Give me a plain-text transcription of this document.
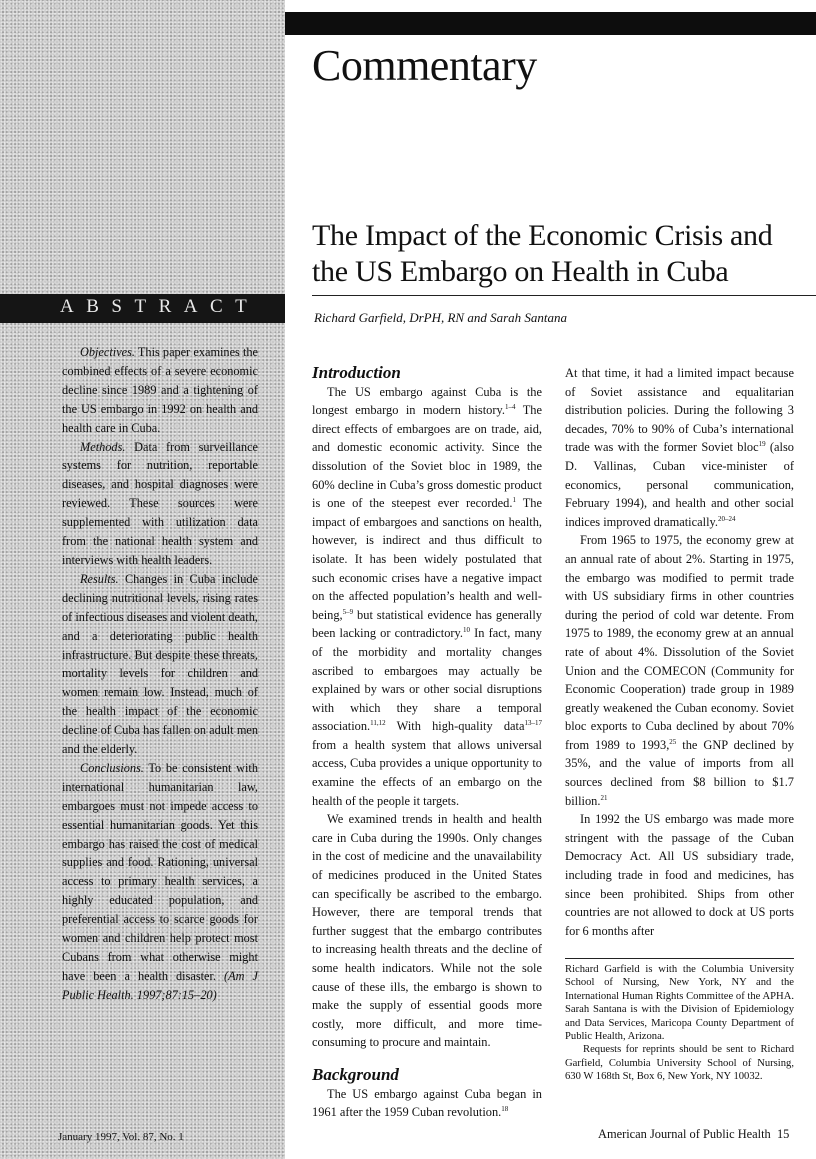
Commentary
The Impact of the Economic Crisis and
the US Embargo on Health in Cuba
Richard Garfield, DrPH, RN and Sarah Santana
ABSTRACT

Objectives. This paper examines the combined effects of a severe economic decline since 1989 and a tightening of the US embargo in 1992 on health and health care in Cuba.

Methods. Data from surveillance systems for nutrition, reportable diseases, and hospital diagnoses were reviewed. These sources were supplemented with utilization data from the national health system and interviews with health leaders.

Results. Changes in Cuba include declining nutritional levels, rising rates of infectious diseases and violent death, and a deteriorating public health infrastructure. But despite these threats, mortality levels for children and women remain low. Instead, much of the health impact of the economic decline of Cuba has fallen on adult men and the elderly.

Conclusions. To be consistent with international humanitarian law, embargoes must not impede access to essential humanitarian goods. Yet this embargo has raised the cost of medical supplies and food. Rationing, universal access to primary health services, a highly educated population, and preferential access to scarce goods for women and children help protect most Cubans from what otherwise might have been a health disaster. (Am J Public Health. 1997;87:15–20)

January 1997, Vol. 87, No. 1

Introduction

The US embargo against Cuba is the longest embargo in modern history.$^{1-4}$ The direct effects of embargoes are on trade, aid, and domestic economic activity. Since the dissolution of the Soviet bloc in 1989, the 60% decline in Cuba’s gross domestic product is one of the steepest ever recorded.$^1$ The impact of embargoes and sanctions on health, however, is indirect and thus difficult to isolate. It has been widely postulated that such economic crises have a negative impact on the affected population’s health and well-being,$^{5-9}$ but statistical evidence has generally been lacking or contradictory.$^{10}$ In fact, many of the morbidity and mortality changes ascribed to embargoes may actually be explained by wars or other social disruptions with which they share a temporal association.$^{11,12}$ With high-quality data$^{13-17}$ from a health system that allows universal access, Cuba provides a unique opportunity to examine the effects of an embargo on the health of the people it targets.

We examined trends in health and health care in Cuba during the 1990s. Only changes in the cost of medicine and the unavailability of medicines produced in the United States can specifically be ascribed to the embargo. However, there are temporal trends that further suggest that the embargo contributes to increasing health threats and the decline of some health indicators. While not the sole cause of these ills, the embargo is shown to make the supply of essential goods more costly, more difficult, and more time-consuming to procure and maintain.

Background

The US embargo against Cuba began in 1961 after the 1959 Cuban revolution.$^{18}$

At that time, it had a limited impact because of Soviet assistance and equalitarian distribution policies. During the following 3 decades, 70% to 90% of Cuba’s international trade was with the former Soviet bloc$^{19}$ (also D. Vallinas, Cuban vice-minister of economics, personal communication, February 1994), and health and other social indices improved dramatically.$^{20-24}$

From 1965 to 1975, the economy grew at an annual rate of about 2%. Starting in 1975, the embargo was modified to permit trade with US subsidiary firms in other countries during the period of cold war detente. From 1975 to 1989, the economy grew at an annual rate of about 4%. Dissolution of the Soviet Union and the COMECON (Community for Economic Cooperation) trade group in 1989 greatly weakened the Cuban economy. Soviet bloc exports to Cuba declined by about 70% from 1989 to 1993,25 the GNP declined by 35%, and the value of imports from all sources declined from $8 billion to $1.7 billion.$^{21}$

In 1992 the US embargo was made more stringent with the passage of the Cuban Democracy Act. All US subsidiary trade, including trade in food and medicines, has since been prohibited. Ships from other countries are not allowed to dock at US ports for 6 months after

Richard Garfield is with the Columbia University School of Nursing, New York, NY and the International Human Rights Committee of the APHA. Sarah Santana is with the Division of Epidemiology and Data Services, Maricopa County Department of Public Health, Arizona.

Requests for reprints should be sent to Richard Garfield, Columbia University School of Nursing, 630 W 168th St, Box 6, New York, NY 10032.

American Journal of Public Health 15
